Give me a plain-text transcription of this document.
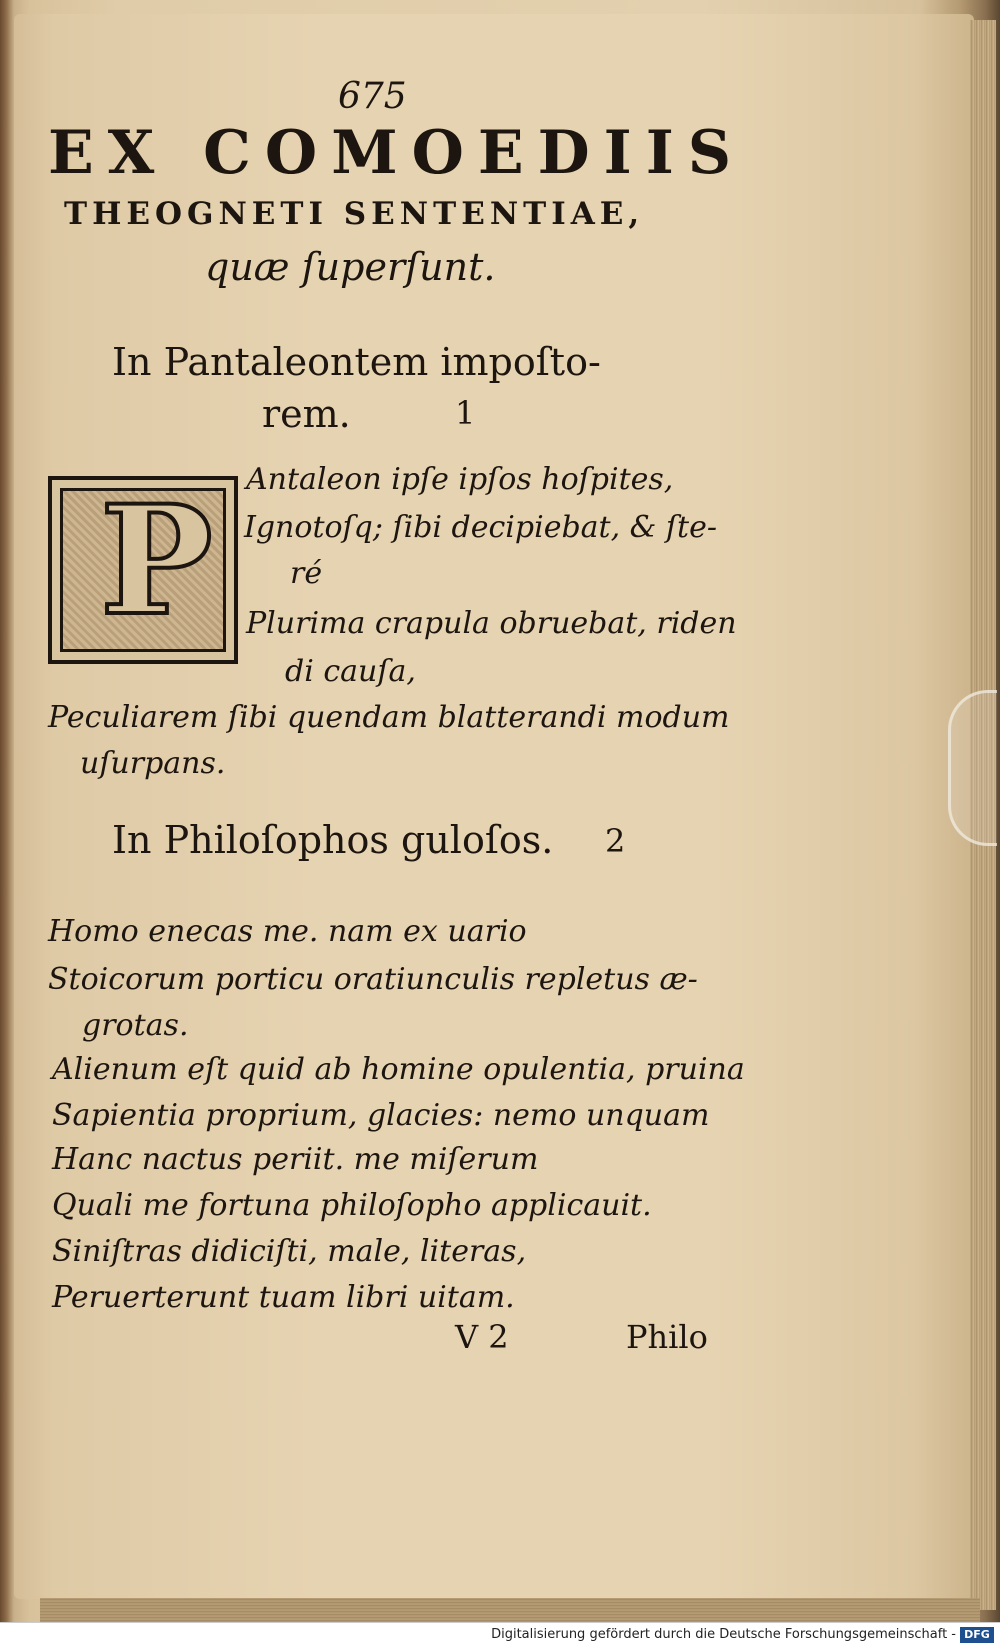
675
EX COMOEDIIS
THEOGNETI SENTENTIAE,
quæ ſuperſunt.
In Pantaleontem impoſto-
rem.	1
P Antaleon ipſe ipſos hoſpites,
Ignotoſq; ſibi decipiebat, & ſte-
ré
Plurima crapula obruebat, riden
di cauſa,
Peculiarem ſibi quendam blatterandi modum
uſurpans.
In Philoſophos guloſos. 2
Homo enecas me. nam ex uario
Stoicorum porticu oratiunculis repletus æ-
grotas.
Alienum eſt quid ab homine opulentia, pruina
Sapientia proprium, glacies: nemo unquam
Hanc nactus periit. me miſerum
Quali me fortuna philoſopho applicauit.
Siniſtras didiciſti, male, literas,
Peruerterunt tuam libri uitam.
V 2	Philo
Digitalisierung gefördert durch die Deutsche Forschungsgemeinschaft - DFG
